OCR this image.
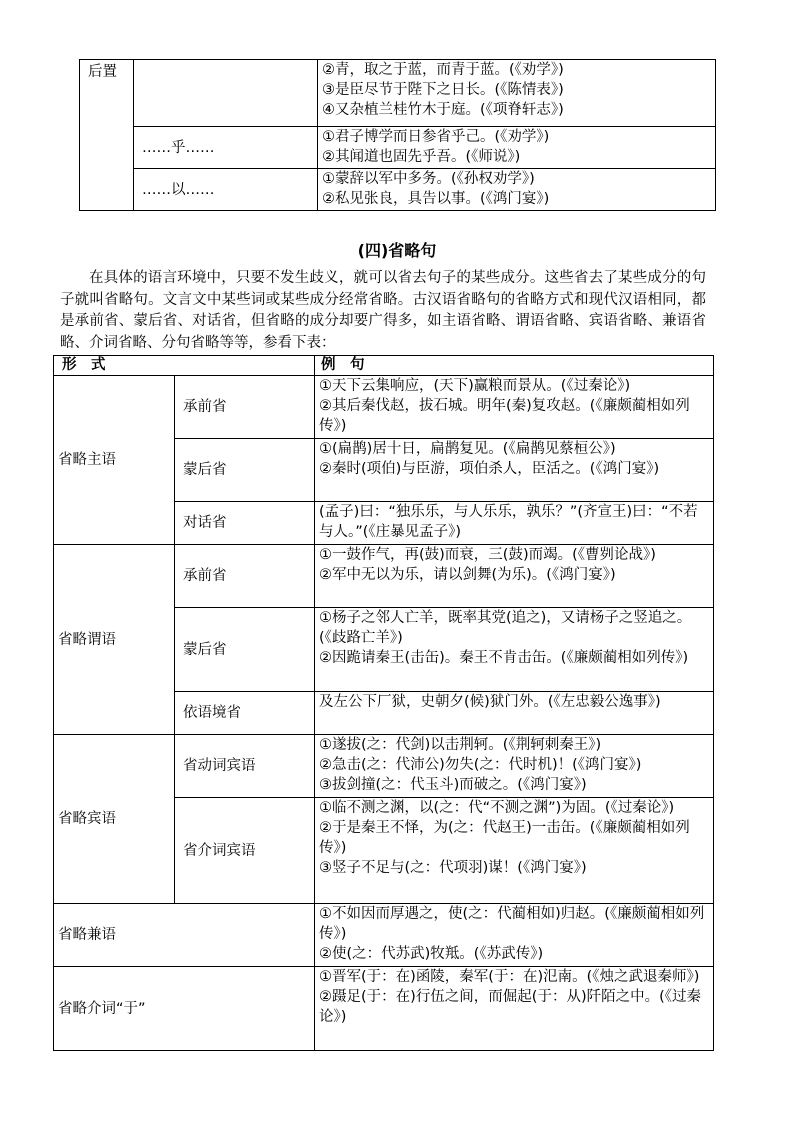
后置		②青，取之于蓝，而青于蓝。(《劝学》)

③是臣尽节于陛下之日长。(《陈情表》)

④又杂植兰桂竹木于庭。(《项脊轩志》)

	……乎……	①君子博学而日参省乎己。(《劝学》)

②其闻道也固先乎吾。(《师说》)

	……以……	①蒙辞以军中多务。(《孙权劝学》)

②私见张良，具告以事。(《鸿门宴》)

(四)省略句

在具体的语言环境中，只要不发生歧义，就可以省去句子的某些成分。这些省去了某些成分的句子就叫省略句。文言文中某些词或某些成分经常省略。古汉语省略句的省略方式和现代汉语相同，都是承前省、蒙后省、对话省，但省略的成分却要广得多，如主语省略、谓语省略、宾语省略、兼语省略、介词省略、分句省略等等，参看下表：

形　式		例　句
省略主语	承前省	①天下云集响应，(天下)赢粮而景从。(《过秦论》)

②其后秦伐赵，拔石城。明年(秦)复攻赵。(《廉颇蔺相如列传》)

	蒙后省	①(扁鹊)居十日，扁鹊复见。(《扁鹊见蔡桓公》)

②秦时(项伯)与臣游，项伯杀人，臣活之。(《鸿门宴》)

	对话省	(孟子)曰：“独乐乐，与人乐乐，孰乐？”(齐宣王)曰：“不若与人。”(《庄暴见孟子》)

省略谓语	承前省	①一鼓作气，再(鼓)而衰，三(鼓)而竭。(《曹刿论战》)

②军中无以为乐，请以剑舞(为乐)。(《鸿门宴》)

	蒙后省	①杨子之邻人亡羊，既率其党(追之)，又请杨子之竖追之。(《歧路亡羊》)

②因跪请秦王(击缶)。秦王不肯击缶。(《廉颇蔺相如列传》)

	依语境省	及左公下厂狱，史朝夕(候)狱门外。(《左忠毅公逸事》)

省略宾语	省动词宾语	①遂拔(之：代剑)以击荆轲。(《荆轲刺秦王》)

②急击(之：代沛公)勿失(之：代时机)！(《鸿门宴》)

③拔剑撞(之：代玉斗)而破之。(《鸿门宴》)

	省介词宾语	①临不测之渊，以(之：代“不测之渊”)为固。(《过秦论》)

②于是秦王不怿，为(之：代赵王)一击缶。(《廉颇蔺相如列传》)

③竖子不足与(之：代项羽)谋！(《鸿门宴》)

省略兼语		①不如因而厚遇之，使(之：代蔺相如)归赵。(《廉颇蔺相如列传》)

②使(之：代苏武)牧羝。(《苏武传》)

省略介词“于”		①晋军(于：在)函陵，秦军(于：在)氾南。(《烛之武退秦师》)

②蹑足(于：在)行伍之间，而倔起(于：从)阡陌之中。(《过秦论》)
